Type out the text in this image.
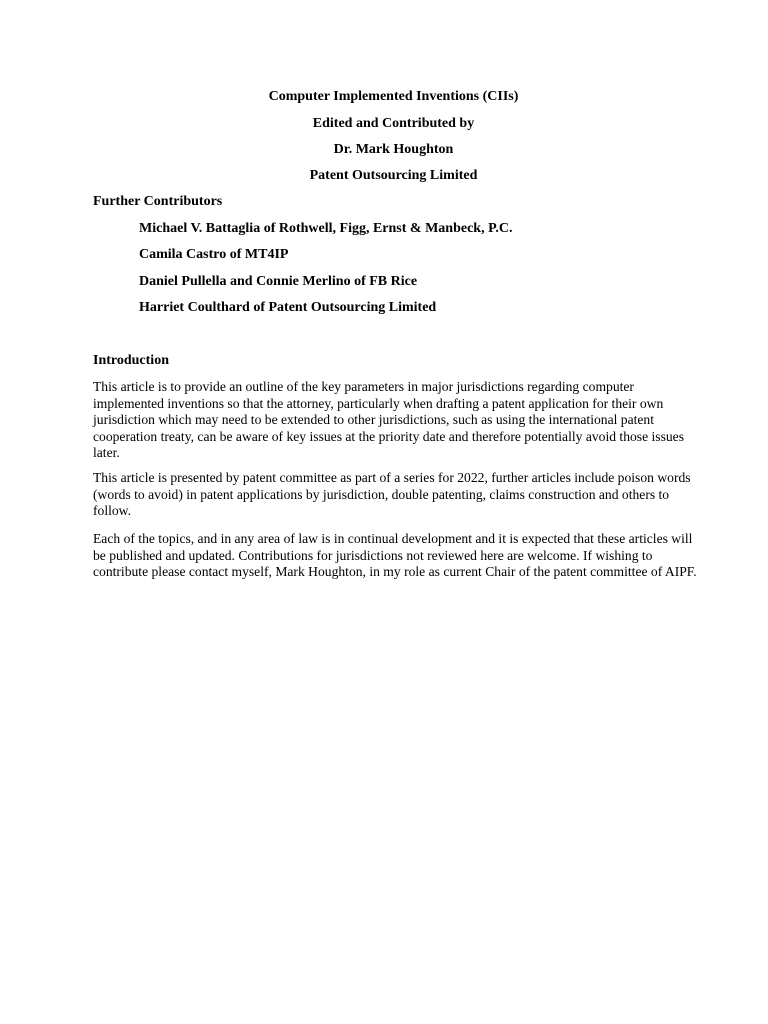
Computer Implemented Inventions (CIIs)
Edited and Contributed by
Dr. Mark Houghton
Patent Outsourcing Limited
Further Contributors
Michael V. Battaglia of Rothwell, Figg, Ernst & Manbeck, P.C.
Camila Castro of MT4IP
Daniel Pullella and Connie Merlino of FB Rice
Harriet Coulthard of Patent Outsourcing Limited
Introduction
This article is to provide an outline of the key parameters in major jurisdictions regarding computer implemented inventions so that the attorney, particularly when drafting a patent application for their own jurisdiction which may need to be extended to other jurisdictions, such as using the international patent cooperation treaty, can be aware of key issues at the priority date and therefore potentially avoid those issues later.
This article is presented by patent committee as part of a series for 2022, further articles include poison words (words to avoid) in patent applications by jurisdiction, double patenting, claims construction and others to follow.
Each of the topics, and in any area of law is in continual development and it is expected that these articles will be published and updated. Contributions for jurisdictions not reviewed here are welcome. If wishing to contribute please contact myself, Mark Houghton, in my role as current Chair of the patent committee of AIPF.
